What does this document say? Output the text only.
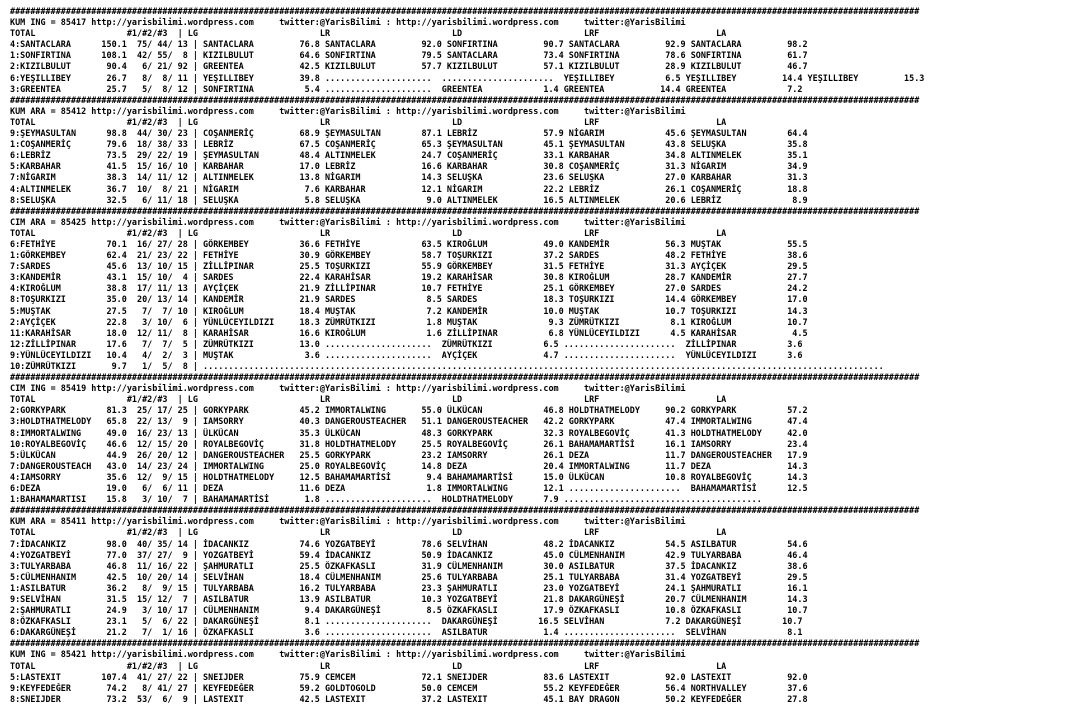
###################################################################################################################################################################################
KUM ING = 85417 http://yarisbilimi.wordpress.com     twitter:@YarisBilimi : http://yarisbilimi.wordpress.com     twitter:@YarisBilimi
TOTAL                  #1/#2/#3  | LG                        LR                        LD                        LRF                       LA
4:SANTACLARA      150.1  75/ 44/ 13 | SANTACLARA         76.8 SANTACLARA         92.0 SONFIRTINA         90.7 SANTACLARA         92.9 SANTACLARA         98.2
1:SONFIRTINA      108.1  42/ 55/  8 | KIZILBULUT         64.6 SONFIRTINA         79.5 SANTACLARA         73.4 SONFIRTINA         78.6 SONFIRTINA         61.7
2:KIZILBULUT       90.4   6/ 21/ 92 | GREENTEA           42.5 KIZILBULUT         57.7 KIZILBULUT         57.1 KIZILBULUT         28.9 KIZILBULUT         46.7
6:YEŞILLIBEY       26.7   8/  8/ 11 | YEŞILLIBEY         39.8 .....................  ......................  YEŞILLIBEY          6.5 YEŞILLIBEY         14.4 YEŞILLIBEY         15.3
3:GREENTEA         25.7   5/  8/ 12 | SONFIRTINA          5.4 .....................  GREENTEA            1.4 GREENTEA           14.4 GREENTEA            7.2
###################################################################################################################################################################################
KUM ARA = 85412 http://yarisbilimi.wordpress.com     twitter:@YarisBilimi : http://yarisbilimi.wordpress.com     twitter:@YarisBilimi
TOTAL                  #1/#2/#3  | LG                        LR                        LD                        LRF                       LA
9:ŞEYMASULTAN      98.8  44/ 30/ 23 | COŞANMERİÇ         68.9 ŞEYMASULTAN        87.1 LEBRİZ             57.9 NİGARIM            45.6 ŞEYMASULTAN        64.4
1:COŞANMERİÇ       79.6  18/ 38/ 33 | LEBRİZ             67.5 COŞANMERİÇ         65.3 ŞEYMASULTAN        45.1 ŞEYMASULTAN        43.8 SELUŞKA            35.8
6:LEBRİZ           73.5  29/ 22/ 19 | ŞEYMASULTAN        48.4 ALTINMELEK         24.7 COŞANMERİÇ         33.1 KARBAHAR           34.8 ALTINMELEK         35.1
5:KARBAHAR         41.5  15/ 16/ 10 | KARBAHAR           17.0 LEBRİZ             16.6 KARBAHAR           30.8 COŞANMERİÇ         31.3 NİGARIM            34.9
7:NİGARIM          38.3  14/ 11/ 12 | ALTINMELEK         13.8 NİGARIM            14.3 SELUŞKA            23.6 SELUŞKA            27.0 KARBAHAR           31.3
4:ALTINMELEK       36.7  10/  8/ 21 | NİGARIM             7.6 KARBAHAR           12.1 NİGARIM            22.2 LEBRİZ             26.1 COŞANMERİÇ         18.8
8:SELUŞKA          32.5   6/ 11/ 18 | SELUŞKA             5.8 SELUŞKA             9.0 ALTINMELEK         16.5 ALTINMELEK         20.6 LEBRİZ              8.9
###################################################################################################################################################################################
CIM ARA = 85425 http://yarisbilimi.wordpress.com     twitter:@YarisBilimi : http://yarisbilimi.wordpress.com     twitter:@YarisBilimi
TOTAL                  #1/#2/#3  | LG                        LR                        LD                        LRF                       LA
6:FETHİYE          70.1  16/ 27/ 28 | GÖRKEMBEY          36.6 FETHİYE            63.5 KIROĞLUM           49.0 KANDEMİR           56.3 MUŞTAK             55.5
1:GÖRKEMBEY        62.4  21/ 23/ 22 | FETHİYE            30.9 GÖRKEMBEY          58.7 TOŞURKIZI          37.2 SARDES             48.2 FETHİYE            38.6
7:SARDES           45.6  13/ 10/ 15 | ZİLLİPINAR         25.5 TOŞURKIZI          55.9 GÖRKEMBEY          31.5 FETHİYE            31.3 AYÇİÇEK            29.5
3:KANDEMİR         43.1  15/ 10/  4 | SARDES             22.4 KARAHİSAR          19.2 KARAHİSAR          30.8 KIROĞLUM           28.7 KANDEMİR           27.7
4:KIROĞLUM         38.8  17/ 11/ 13 | AYÇİÇEK            21.9 ZİLLİPINAR         10.7 FETHİYE            25.1 GÖRKEMBEY          27.0 SARDES             24.2
8:TOŞURKIZI        35.0  20/ 13/ 14 | KANDEMİR           21.9 SARDES              8.5 SARDES             18.3 TOŞURKIZI          14.4 GÖRKEMBEY          17.0
5:MUŞTAK           27.5   7/  7/ 10 | KIROĞLUM           18.4 MUŞTAK              7.2 KANDEMİR           10.0 MUŞTAK             10.7 TOŞURKIZI          14.3
2:AYÇİÇEK          22.8   3/ 10/  6 | YÜNLÜCEYILDIZI     18.3 ZÜMRÜTKIZI          1.8 MUŞTAK              9.3 ZÜMRÜTKIZI          8.1 KIROĞLUM           10.7
11:KARAHİSAR       18.0  12/ 11/  8 | KARAHİSAR          16.6 KIROĞLUM            1.6 ZİLLİPINAR          6.8 YÜNLÜCEYILDIZI      4.5 KARAHİSAR           4.5
12:ZİLLİPINAR      17.6   7/  7/  5 | ZÜMRÜTKIZI         13.0 .....................  ZÜMRÜTKIZI          6.5 ......................  ZİLLİPINAR          3.6
9:YÜNLÜCEYILDIZI   10.4   4/  2/  3 | MUŞTAK              3.6 .....................  AYÇİÇEK             4.7 ......................  YÜNLÜCEYILDIZI      3.6
10:ZÜMRÜTKIZI       9.7   1/  5/  8 | ......................................................................................................................................
###################################################################################################################################################################################
CIM ING = 85419 http://yarisbilimi.wordpress.com     twitter:@YarisBilimi : http://yarisbilimi.wordpress.com     twitter:@YarisBilimi
TOTAL                  #1/#2/#3  | LG                        LR                        LD                        LRF                       LA
2:GORKYPARK        81.3  25/ 17/ 25 | GORKYPARK          45.2 IMMORTALWING       55.0 ÜLKÜCAN            46.8 HOLDTHATMELODY     90.2 GORKYPARK          57.2
3:HOLDTHATMELODY   65.8  22/ 13/  9 | IAMSORRY           40.3 DANGEROUSTEACHER   51.1 DANGEROUSTEACHER   42.2 GORKYPARK          47.4 IMMORTALWING       47.4
8:IMMORTALWING     49.0  16/ 23/ 13 | ÜLKÜCAN            35.3 ÜLKÜCAN            48.3 GORKYPARK          32.3 ROYALBEGOVİÇ       41.3 HOLDTHATMELODY     42.0
10:ROYALBEGOVİÇ    46.6  12/ 15/ 20 | ROYALBEGOVİÇ       31.8 HOLDTHATMELODY     25.5 ROYALBEGOVİÇ       26.1 BAHAMAMARTİSİ      16.1 IAMSORRY           23.4
5:ÜLKÜCAN          44.9  26/ 20/ 12 | DANGEROUSTEACHER   25.5 GORKYPARK          23.2 IAMSORRY           26.1 DEZA               11.7 DANGEROUSTEACHER   17.9
7:DANGEROUSTEACH   43.0  14/ 23/ 24 | IMMORTALWING       25.0 ROYALBEGOVİÇ       14.8 DEZA               20.4 IMMORTALWING       11.7 DEZA               14.3
4:IAMSORRY         35.6  12/  9/ 15 | HOLDTHATMELODY     12.5 BAHAMAMARTİSİ       9.4 BAHAMAMARTİSİ      15.0 ÜLKÜCAN            10.8 ROYALBEGOVİÇ       14.3
6:DEZA             19.0   6/  6/ 11 | DEZA               11.6 DEZA                1.8 IMMORTALWING       12.1 ......................  BAHAMAMARTİSİ      12.5
1:BAHAMAMARTISI    15.8   3/ 10/  7 | BAHAMAMARTİSİ       1.8 .....................  HOLDTHATMELODY      7.9 .......................................
###################################################################################################################################################################################
KUM ARA = 85411 http://yarisbilimi.wordpress.com     twitter:@YarisBilimi : http://yarisbilimi.wordpress.com     twitter:@YarisBilimi
TOTAL                  #1/#2/#3  | LG                        LR                        LD                        LRF                       LA
7:İDACANKIZ        98.0  40/ 35/ 14 | İDACANKIZ          74.6 YOZGATBEYİ         78.6 SELVİHAN           48.2 İDACANKIZ          54.5 ASILBATUR          54.6
4:YOZGATBEYİ       77.0  37/ 27/  9 | YOZGATBEYİ         59.4 İDACANKIZ          50.9 İDACANKIZ          45.0 CÜLMENHANIM        42.9 TULYARBABA         46.4
3:TULYARBABA       46.8  11/ 16/ 22 | ŞAHMURATLI         25.5 ÖZKAFKASLI         31.9 CÜLMENHANIM        30.0 ASILBATUR          37.5 İDACANKIZ          38.6
5:CÜLMENHANIM      42.5  10/ 20/ 14 | SELVİHAN           18.4 CÜLMENHANIM        25.6 TULYARBABA         25.1 TULYARBABA         31.4 YOZGATBEYİ         29.5
1:ASILBATUR        36.2   8/  9/ 15 | TULYARBABA         16.2 TULYARBABA         23.3 ŞAHMURATLI         23.0 YOZGATBEYİ         24.1 ŞAHMURATLI         16.1
9:SELVİHAN         31.5  15/ 12/  7 | ASILBATUR          13.9 ASILBATUR          10.3 YOZGATBEYİ         21.8 DAKARGÜNEŞİ        20.7 CÜLMENHANIM        14.3
2:ŞAHMURATLI       24.9   3/ 10/ 17 | CÜLMENHANIM         9.4 DAKARGÜNEŞİ         8.5 ÖZKAFKASLI         17.9 ÖZKAFKASLI         10.8 ÖZKAFKASLI         10.7
8:ÖZKAFKASLI       23.1   5/  6/ 22 | DAKARGÜNEŞİ         8.1 .....................  DAKARGÜNEŞİ        16.5 SELVİHAN            7.2 DAKARGÜNEŞİ        10.7
6:DAKARGÜNEŞİ      21.2   7/  1/ 16 | ÖZKAFKASLI          3.6 .....................  ASILBATUR           1.4 ......................  SELVİHAN            8.1
###################################################################################################################################################################################
KUM ING = 85421 http://yarisbilimi.wordpress.com     twitter:@YarisBilimi : http://yarisbilimi.wordpress.com     twitter:@YarisBilimi
TOTAL                  #1/#2/#3  | LG                        LR                        LD                        LRF                       LA
5:LASTEXIT        107.4  41/ 27/ 22 | SNEIJDER           75.9 CEMCEM             72.1 SNEIJDER           83.6 LASTEXIT           92.0 LASTEXIT           92.0
9:KEYFEDEĞER       74.2   8/ 41/ 27 | KEYFEDEĞER         59.2 GOLDTOGOLD         50.0 CEMCEM             55.2 KEYFEDEĞER         56.4 NORTHVALLEY        37.6
8:SNEIJDER         73.2  53/  6/  9 | LASTEXIT           42.5 LASTEXIT           37.2 LASTEXIT           45.1 BAY DRAGON         50.2 KEYFEDEĞER         27.8
